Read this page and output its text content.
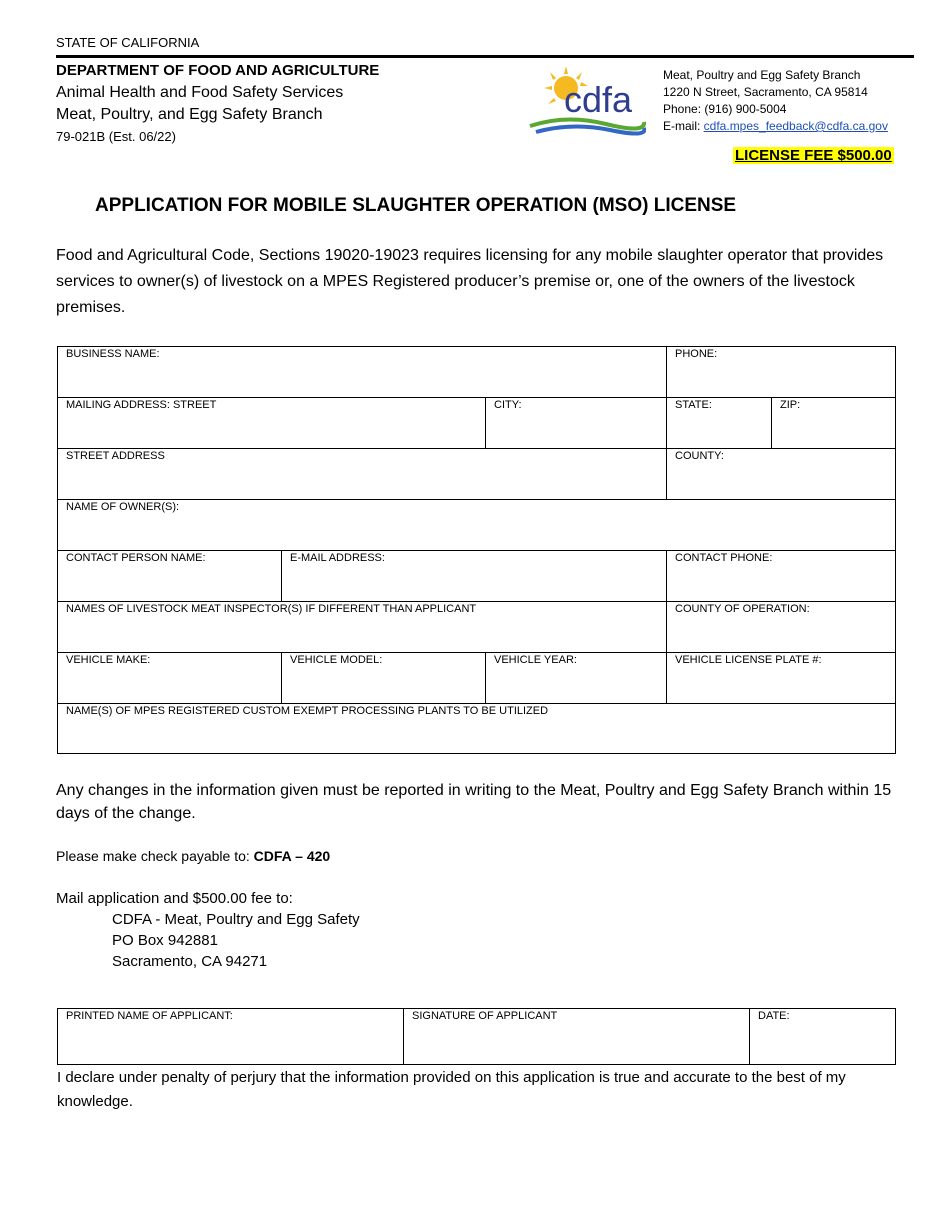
STATE OF CALIFORNIA
DEPARTMENT OF FOOD AND AGRICULTURE
Animal Health and Food Safety Services
Meat, Poultry, and Egg Safety Branch
79-021B (Est. 06/22)
cdfa
Meat, Poultry and Egg Safety Branch
1220 N Street, Sacramento, CA 95814
Phone: (916) 900-5004
E-mail: cdfa.mpes_feedback@cdfa.ca.gov
LICENSE FEE $500.00
APPLICATION FOR MOBILE SLAUGHTER OPERATION (MSO) LICENSE
Food and Agricultural Code, Sections 19020-19023 requires licensing for any mobile slaughter operator that provides services to owner(s) of livestock on a MPES Registered producer’s premise or, one of the owners of the livestock premises.
BUSINESS NAME:	PHONE:
MAILING ADDRESS: STREET	CITY:	STATE:	ZIP:
STREET ADDRESS	COUNTY:
NAME OF OWNER(S):
CONTACT PERSON NAME:	E-MAIL ADDRESS:	CONTACT PHONE:
NAMES OF LIVESTOCK MEAT INSPECTOR(S) IF DIFFERENT THAN APPLICANT	COUNTY OF OPERATION:
VEHICLE MAKE:	VEHICLE MODEL:	VEHICLE YEAR:	VEHICLE LICENSE PLATE #:
NAME(S) OF MPES REGISTERED CUSTOM EXEMPT PROCESSING PLANTS TO BE UTILIZED
Any changes in the information given must be reported in writing to the Meat, Poultry and Egg Safety Branch within 15 days of the change.
Please make check payable to: CDFA – 420
Mail application and $500.00 fee to:
CDFA - Meat, Poultry and Egg Safety
PO Box 942881
Sacramento, CA 94271
PRINTED NAME OF APPLICANT:	SIGNATURE OF APPLICANT	DATE:
I declare under penalty of perjury that the information provided on this application is true and accurate to the best of my knowledge.
